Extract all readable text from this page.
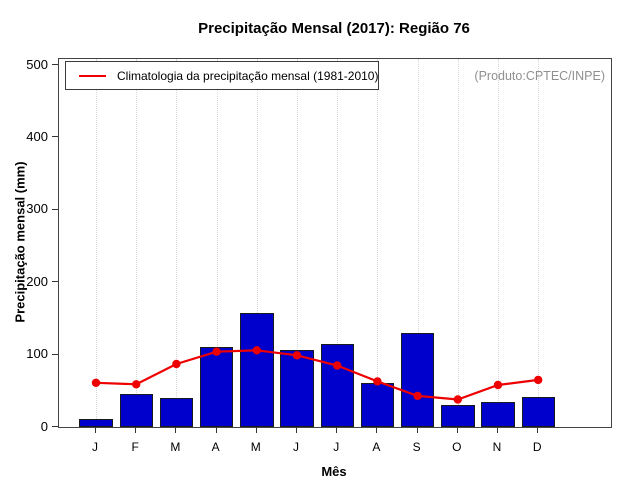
Precipitação Mensal (2017): Região 76
0
100
200
300
400
500
Precipitação mensal (mm)
Climatologia da precipitação mensal (1981-2010)	(Produto:CPTEC/INPE)
J	F	M	A	M	J	J	A	S	O	N	D
Mês
